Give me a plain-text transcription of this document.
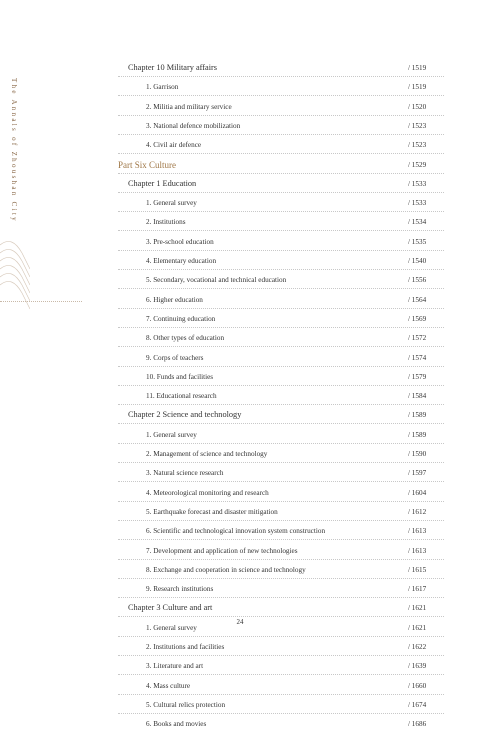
The Annals of Zhoushan City
Chapter 10 Military affairs	/ 1519
1. Garrison	/ 1519
2. Militia and military service	/ 1520
3. National defence mobilization	/ 1523
4. Civil air defence	/ 1523
Part Six Culture	/ 1529
Chapter 1 Education	/ 1533
1. General survey	/ 1533
2. Institutions	/ 1534
3. Pre-school education	/ 1535
4. Elementary education	/ 1540
5. Secondary, vocational and technical education	/ 1556
6. Higher education	/ 1564
7. Continuing education	/ 1569
8. Other types of education	/ 1572
9. Corps of teachers	/ 1574
10. Funds and facilities	/ 1579
11. Educational research	/ 1584
Chapter 2 Science and technology	/ 1589
1. General survey	/ 1589
2. Management of science and technology	/ 1590
3. Natural science research	/ 1597
4. Meteorological monitoring and research	/ 1604
5. Earthquake forecast and disaster mitigation	/ 1612
6. Scientific and technological innovation system construction	/ 1613
7. Development and application of new technologies	/ 1613
8. Exchange and cooperation in science and technology	/ 1615
9. Research institutions	/ 1617
Chapter 3 Culture and art	/ 1621
1. General survey	/ 1621
2. Institutions and facilities	/ 1622
3. Literature and art	/ 1639
4. Mass culture	/ 1660
5. Cultural relics protection	/ 1674
6. Books and movies	/ 1686
24
